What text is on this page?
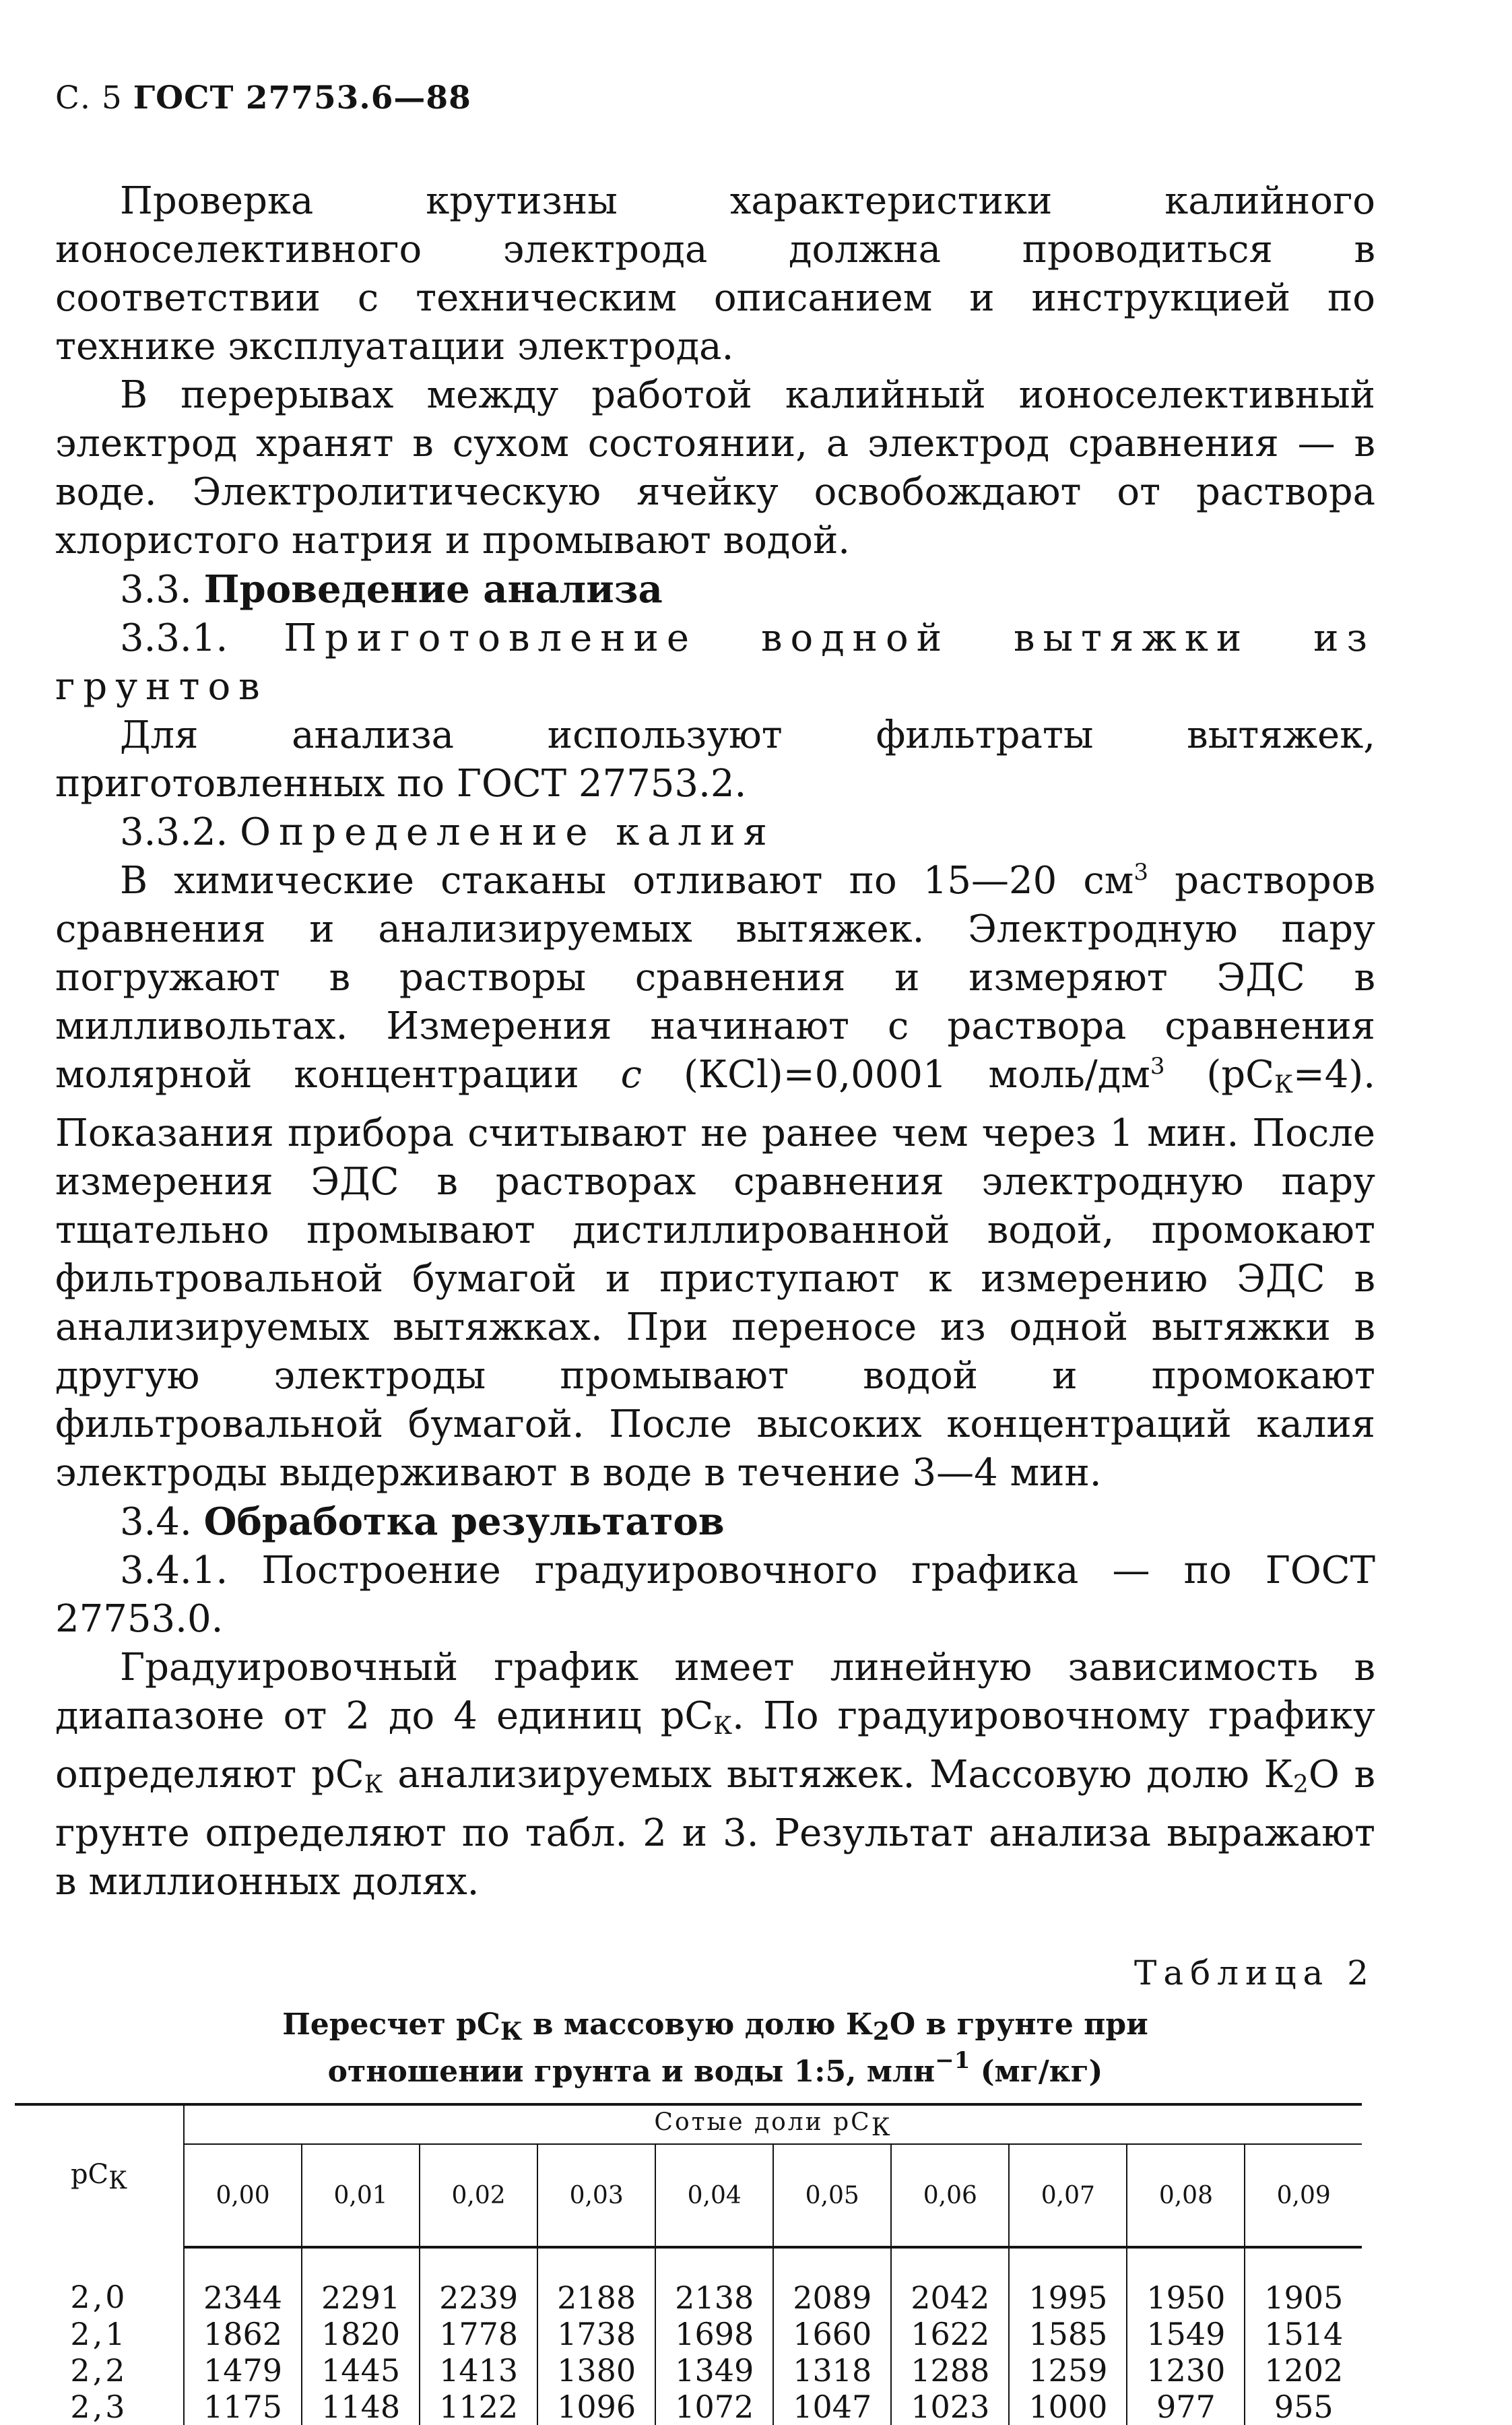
С. 5 ГОСТ 27753.6—88

Проверка крутизны характеристики калийного ионоселективного электрода должна проводиться в соответствии с техническим описанием и инструкцией по технике эксплуатации электрода.

В перерывах между работой калийный ионоселективный электрод хранят в сухом состоянии, а электрод сравнения — в воде. Электролитическую ячейку освобождают от раствора хлористого натрия и промывают водой.

3.3. Проведение анализа

3.3.1. Приготовление водной вытяжки из грунтов

Для анализа используют фильтраты вытяжек, приготовленных по ГОСТ 27753.2.

3.3.2. Определение калия

В химические стаканы отливают по 15—20 $см^3$ растворов сравнения и анализируемых вытяжек. Электродную пару погружают в растворы сравнения и измеряют ЭДС в милливольтах. Измерения начинают с раствора сравнения молярной концентрации c (КCl)=0,0001 моль/$дм^3$ $(рС_К=4)$. Показания прибора считывают не ранее чем через 1 мин. После измерения ЭДС в растворах сравнения электродную пару тщательно промывают дистиллированной водой, промокают фильтровальной бумагой и приступают к измерению ЭДС в анализируемых вытяжках. При переносе из одной вытяжки в другую электроды промывают водой и промокают фильтровальной бумагой. После высоких концентраций калия электроды выдерживают в воде в течение 3—4 мин.

3.4. Обработка результатов

3.4.1. Построение градуировочного графика — по ГОСТ 27753.0.

Градуировочный график имеет линейную зависимость в диапазоне от 2 до 4 единиц $рС_К$. По градуировочному графику определяют $рС_К$ анализируемых вытяжек. Массовую долю $К_2О$ в грунте определяют по табл. 2 и 3. Результат анализа выражают в миллионных долях.

Таблица 2
Пересчет $рС_К$ в массовую долю $К_2О$ в грунте при отношении грунта и воды 1:5, млн$^{-1}$ (мг/кг)
$рС_К$	Сотые доли $рС_К$
	0,00	0,01	0,02	0,03	0,04	0,05	0,06	0,07	0,08	0,09
2,0	2344	2291	2239	2188	2138	2089	2042	1995	1950	1905
2,1	1862	1820	1778	1738	1698	1660	1622	1585	1549	1514
2,2	1479	1445	1413	1380	1349	1318	1288	1259	1230	1202
2,3	1175	1148	1122	1096	1072	1047	1023	1000	977	955
